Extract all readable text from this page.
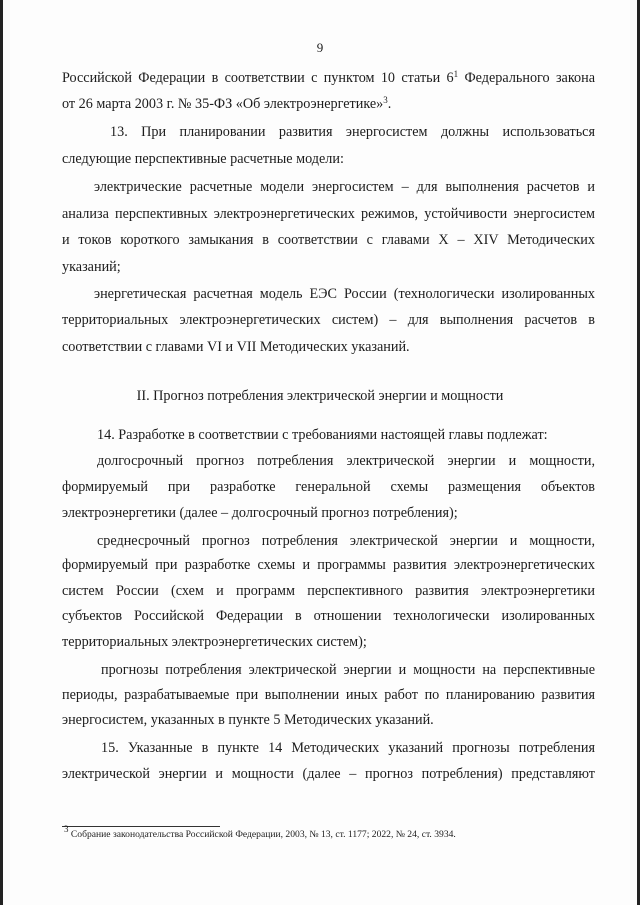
9
Российской Федерации в соответствии с пунктом 10 статьи $6^1$ Федерального закона
от 26 марта 2003 г. № 35-ФЗ «Об электроэнергетике»$^3$.
13. При планировании развития энергосистем должны использоваться
следующие перспективные расчетные модели:
электрические расчетные модели энергосистем – для выполнения расчетов и
анализа перспективных электроэнергетических режимов, устойчивости энергосистем
и токов короткого замыкания в соответствии с главами X – XIV Методических
указаний;
энергетическая расчетная модель ЕЭС России (технологически изолированных
территориальных электроэнергетических систем) – для выполнения расчетов в
соответствии с главами VI и VII Методических указаний.
II. Прогноз потребления электрической энергии и мощности
14. Разработке в соответствии с требованиями настоящей главы подлежат:
долгосрочный прогноз потребления электрической энергии и мощности,
формируемый при разработке генеральной схемы размещения объектов
электроэнергетики (далее – долгосрочный прогноз потребления);
среднесрочный прогноз потребления электрической энергии и мощности,
формируемый при разработке схемы и программы развития электроэнергетических
систем России (схем и программ перспективного развития электроэнергетики
субъектов Российской Федерации в отношении технологически изолированных
территориальных электроэнергетических систем);
прогнозы потребления электрической энергии и мощности на перспективные
периоды, разрабатываемые при выполнении иных работ по планированию развития
энергосистем, указанных в пункте 5 Методических указаний.
15. Указанные в пункте 14 Методических указаний прогнозы потребления
электрической энергии и мощности (далее – прогноз потребления) представляют
$^3$ Собрание законодательства Российской Федерации, 2003, № 13, ст. 1177; 2022, № 24, ст. 3934.
